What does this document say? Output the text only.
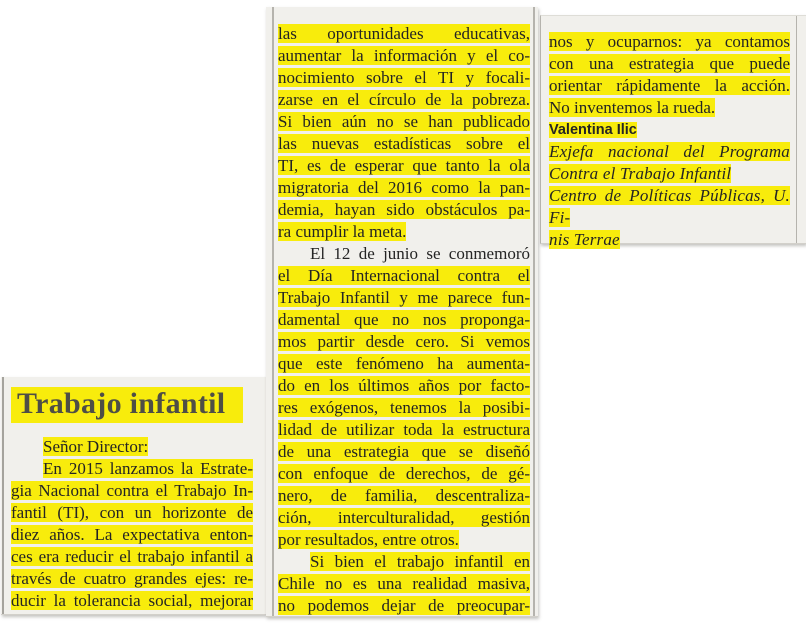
Trabajo infantil
Señor Director:
En 2015 lanzamos la Estrate-
gia Nacional contra el Trabajo In-
fantil (TI), con un horizonte de
diez años. La expectativa enton-
ces era reducir el trabajo infantil a
través de cuatro grandes ejes: re-
ducir la tolerancia social, mejorar
las oportunidades educativas,
aumentar la información y el co-
nocimiento sobre el TI y focali-
zarse en el círculo de la pobreza.
Si bien aún no se han publicado
las nuevas estadísticas sobre el
TI, es de esperar que tanto la ola
migratoria del 2016 como la pan-
demia, hayan sido obstáculos pa-
ra cumplir la meta.
El 12 de junio se conmemoró
el Día Internacional contra el
Trabajo Infantil y me parece fun-
damental que no nos proponga-
mos partir desde cero. Si vemos
que este fenómeno ha aumenta-
do en los últimos años por facto-
res exógenos, tenemos la posibi-
lidad de utilizar toda la estructura
de una estrategia que se diseñó
con enfoque de derechos, de gé-
nero, de familia, descentraliza-
ción, interculturalidad, gestión
por resultados, entre otros.
Si bien el trabajo infantil en
Chile no es una realidad masiva,
no podemos dejar de preocupar-
nos y ocuparnos: ya contamos
con una estrategia que puede
orientar rápidamente la acción.
No inventemos la rueda.
Valentina Ilic
Exjefa nacional del Programa
Contra el Trabajo Infantil
Centro de Políticas Públicas, U. Fi-
nis Terrae
